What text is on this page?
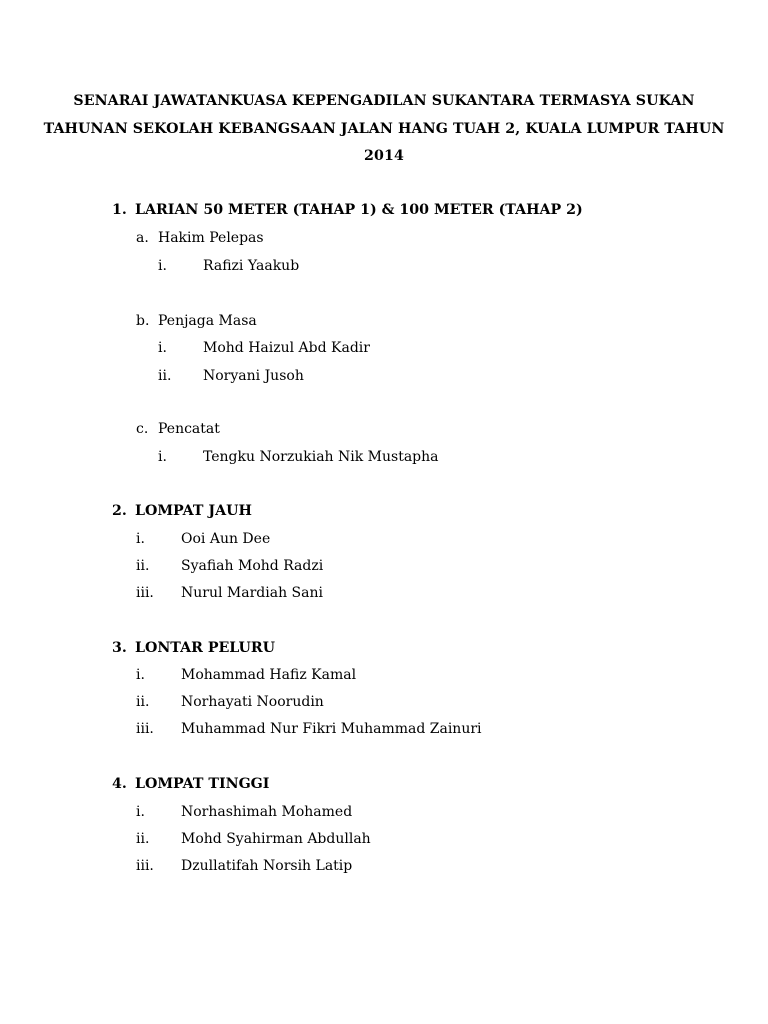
SENARAI JAWATANKUASA KEPENGADILAN SUKANTARA TERMASYA SUKAN
TAHUNAN SEKOLAH KEBANGSAAN JALAN HANG TUAH 2, KUALA LUMPUR TAHUN
2014
1. LARIAN 50 METER (TAHAP 1) & 100 METER (TAHAP 2)
a. Hakim Pelepas
i.	Rafizi Yaakub
b. Penjaga Masa
i.	Mohd Haizul Abd Kadir
ii. Noryani Jusoh
c. Pencatat
i.	Tengku Norzukiah Nik Mustapha
2. LOMPAT JAUH
i.	Ooi Aun Dee
ii. Syafiah Mohd Radzi
iii. Nurul Mardiah Sani
3. LONTAR PELURU
i.	Mohammad Hafiz Kamal
ii. Norhayati Noorudin
iii. Muhammad Nur Fikri Muhammad Zainuri
4. LOMPAT TINGGI
i.	Norhashimah Mohamed
ii. Mohd Syahirman Abdullah
iii. Dzullatifah Norsih Latip
